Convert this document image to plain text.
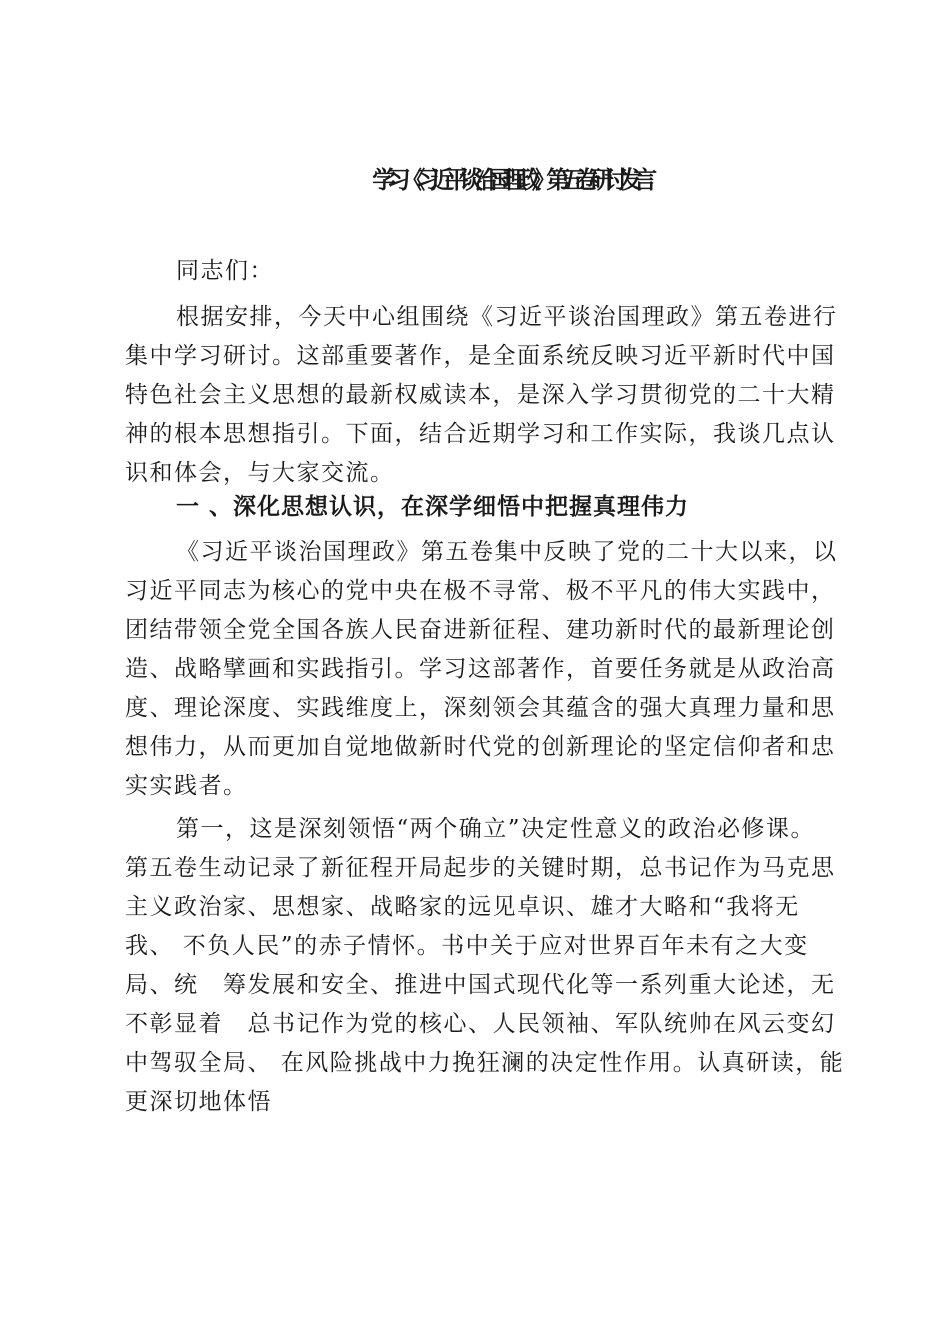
学习《习近平谈治国理政》第五卷研讨发言
同志们：
根据安排，今天中心组围绕《习近平谈治国理政》第五卷进行
集中学习研讨。这部重要著作，是全面系统反映习近平新时代中国
特色社会主义思想的最新权威读本，是深入学习贯彻党的二十大精
神的根本思想指引。下面，结合近期学习和工作实际，我谈几点认
识和体会，与大家交流。
一 、深化思想认识，在深学细悟中把握真理伟力
《习近平谈治国理政》第五卷集中反映了党的二十大以来，以
习近平同志为核心的党中央在极不寻常、极不平凡的伟大实践中，
团结带领全党全国各族人民奋进新征程、建功新时代的最新理论创
造、战略擘画和实践指引。学习这部著作，首要任务就是从政治高
度、理论深度、实践维度上，深刻领会其蕴含的强大真理力量和思
想伟力，从而更加自觉地做新时代党的创新理论的坚定信仰者和忠
实实践者。
第一，这是深刻领悟“两个确立”决定性意义的政治必修课。
第五卷生动记录了新征程开局起步的关键时期，总书记作为马克思
主义政治家、思想家、战略家的远见卓识、雄才大略和“我将无
我、 不负人民”的赤子情怀。书中关于应对世界百年未有之大变
局、统　筹发展和安全、推进中国式现代化等一系列重大论述，无
不彰显着　总书记作为党的核心、人民领袖、军队统帅在风云变幻
中驾驭全局、 在风险挑战中力挽狂澜的决定性作用。认真研读，能
更深切地体悟
